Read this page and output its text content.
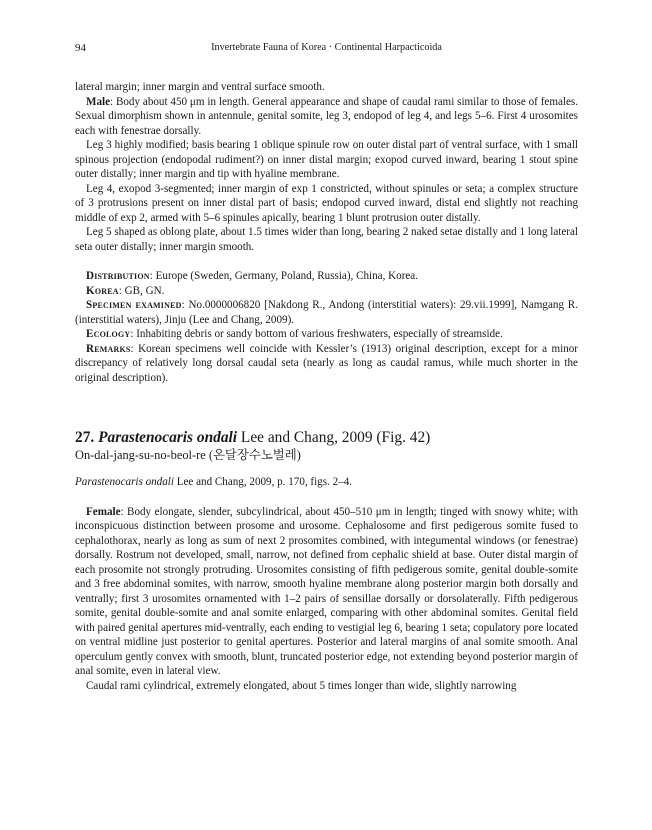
94	Invertebrate Fauna of Korea · Continental Harpacticoida

lateral margin; inner margin and ventral surface smooth.

Male: Body about 450 μm in length. General appearance and shape of caudal rami similar to those of females. Sexual dimorphism shown in antennule, genital somite, leg 3, endopod of leg 4, and legs 5–6. First 4 urosomites each with fenestrae dorsally.

Leg 3 highly modified; basis bearing 1 oblique spinule row on outer distal part of ventral surface, with 1 small spinous projection (endopodal rudiment?) on inner distal margin; exopod curved inward, bearing 1 stout spine outer distally; inner margin and tip with hyaline membrane.

Leg 4, exopod 3-segmented; inner margin of exp 1 constricted, without spinules or seta; a complex structure of 3 protrusions present on inner distal part of basis; endopod curved inward, distal end slightly not reaching middle of exp 2, armed with 5–6 spinules apically, bearing 1 blunt protrusion outer distally.

Leg 5 shaped as oblong plate, about 1.5 times wider than long, bearing 2 naked setae distally and 1 long lateral seta outer distally; inner margin smooth.

Distribution: Europe (Sweden, Germany, Poland, Russia), China, Korea.

Korea: GB, GN.

Specimen examined: No.0000006820 [Nakdong R., Andong (interstitial waters): 29.vii.1999], Namgang R. (interstitial waters), Jinju (Lee and Chang, 2009).

Ecology: Inhabiting debris or sandy bottom of various freshwaters, especially of streamside.

Remarks: Korean specimens well coincide with Kessler’s (1913) original description, except for a minor discrepancy of relatively long dorsal caudal seta (nearly as long as caudal ramus, while much shorter in the original description).

27. Parastenocaris ondali Lee and Chang, 2009 (Fig. 42)

On-dal-jang-su-no-beol-re (온달장수노벌레)

Parastenocaris ondali Lee and Chang, 2009, p. 170, figs. 2–4.

Female: Body elongate, slender, subcylindrical, about 450–510 μm in length; tinged with snowy white; with inconspicuous distinction between prosome and urosome. Cephalosome and first pedigerous somite fused to cephalothorax, nearly as long as sum of next 2 prosomites combined, with integumental windows (or fenestrae) dorsally. Rostrum not developed, small, narrow, not defined from cephalic shield at base. Outer distal margin of each prosomite not strongly protruding. Urosomites consisting of fifth pedigerous somite, genital double-somite and 3 free abdominal somites, with narrow, smooth hyaline membrane along posterior margin both dorsally and ventrally; first 3 urosomites ornamented with 1–2 pairs of sensillae dorsally or dorsolaterally. Fifth pedigerous somite, genital double-somite and anal somite enlarged, comparing with other abdominal somites. Genital field with paired genital apertures mid-ventrally, each ending to vestigial leg 6, bearing 1 seta; copulatory pore located on ventral midline just posterior to genital apertures. Posterior and lateral margins of anal somite smooth. Anal operculum gently convex with smooth, blunt, truncated posterior edge, not extending beyond posterior margin of anal somite, even in lateral view.

Caudal rami cylindrical, extremely elongated, about 5 times longer than wide, slightly narrowing
